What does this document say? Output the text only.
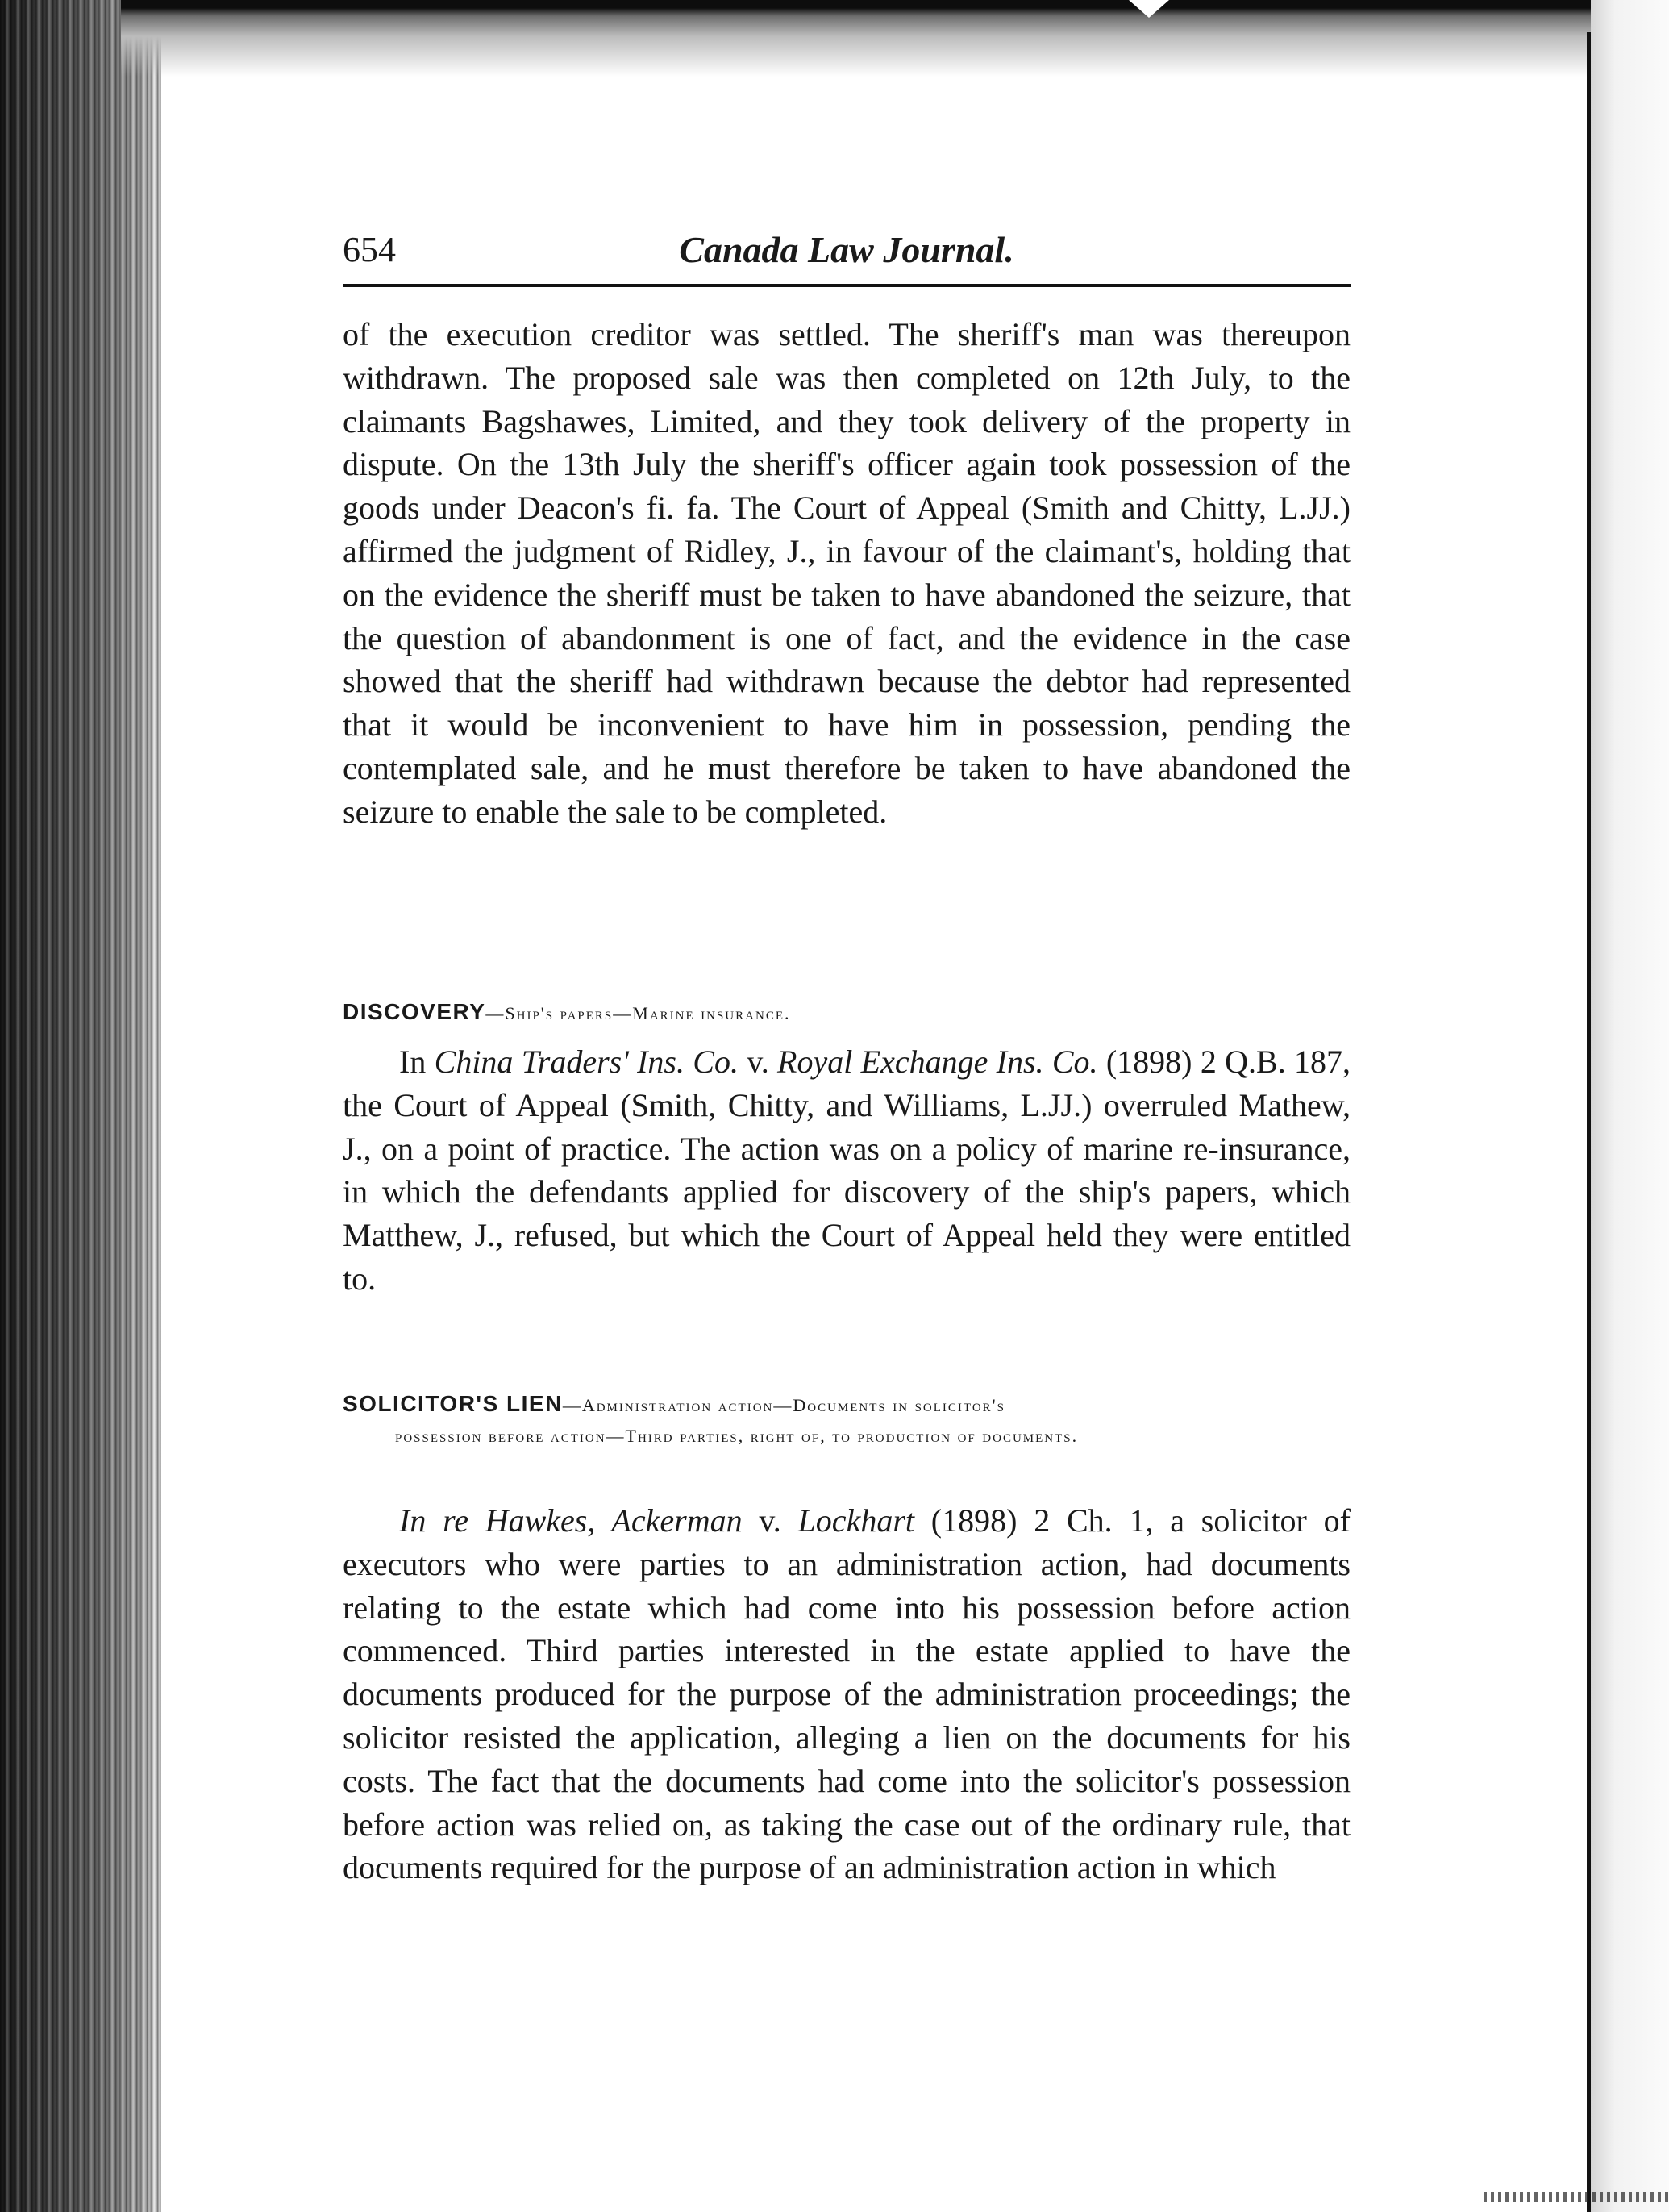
654	Canada Law Journal.

of the execution creditor was settled. The sheriff's man was thereupon withdrawn. The proposed sale was then completed on 12th July, to the claimants Bagshawes, Limited, and they took delivery of the property in dispute. On the 13th July the sheriff's officer again took possession of the goods under Deacon's fi. fa. The Court of Appeal (Smith and Chitty, L.JJ.) affirmed the judgment of Ridley, J., in favour of the claimant's, holding that on the evidence the sheriff must be taken to have abandoned the seizure, that the question of abandonment is one of fact, and the evidence in the case showed that the sheriff had withdrawn because the debtor had represented that it would be inconvenient to have him in possession, pending the contemplated sale, and he must therefore be taken to have abandoned the seizure to enable the sale to be completed.

DISCOVERY—Ship's papers—Marine insurance.

In China Traders' Ins. Co. v. Royal Exchange Ins. Co. (1898) 2 Q.B. 187, the Court of Appeal (Smith, Chitty, and Williams, L.JJ.) overruled Mathew, J., on a point of practice. The action was on a policy of marine re-insurance, in which the defendants applied for discovery of the ship's papers, which Matthew, J., refused, but which the Court of Appeal held they were entitled to.

SOLICITOR'S LIEN—Administration action—Documents in solicitor's
possession before action—Third parties, right of, to production of documents.

In re Hawkes, Ackerman v. Lockhart (1898) 2 Ch. 1, a solicitor of executors who were parties to an administration action, had documents relating to the estate which had come into his possession before action commenced. Third parties interested in the estate applied to have the documents produced for the purpose of the administration proceedings; the solicitor resisted the application, alleging a lien on the documents for his costs. The fact that the documents had come into the solicitor's possession before action was relied on, as taking the case out of the ordinary rule, that documents required for the purpose of an administration action in which
